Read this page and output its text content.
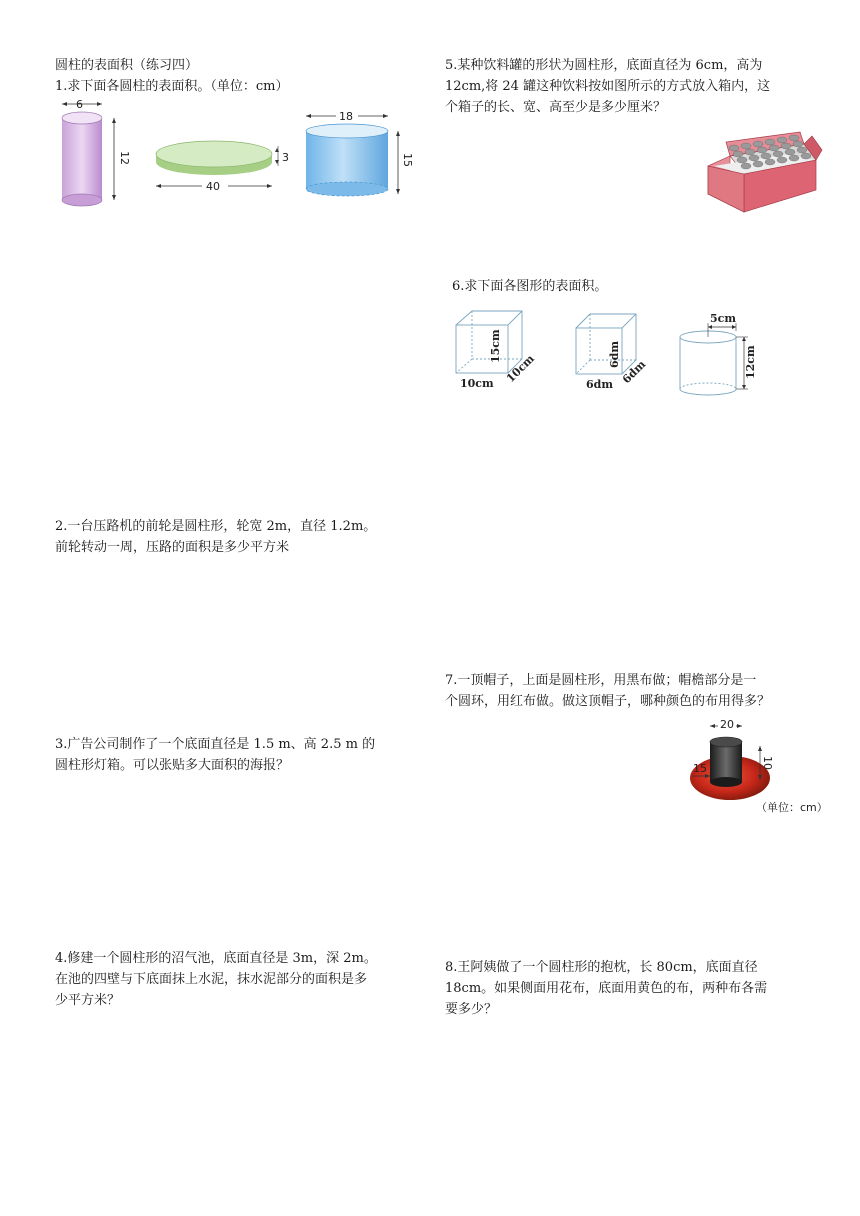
圆柱的表面积（练习四）
1.求下面各圆柱的表面积。（单位：cm）
6
12	3
40
18
15
2.一台压路机的前轮是圆柱形，轮宽 2m，直径 1.2m。
前轮转动一周，压路的面积是多少平方米
3.广告公司制作了一个底面直径是 1.5 m、高 2.5 m 的
圆柱形灯箱。可以张贴多大面积的海报？
4.修建一个圆柱形的沼气池，底面直径是 3m，深 2m。
在池的四壁与下底面抹上水泥，抹水泥部分的面积是多
少平方米？
5.某种饮料罐的形状为圆柱形，底面直径为 6cm，高为
12cm,将 24 罐这种饮料按如图所示的方式放入箱内，这
个箱子的长、宽、高至少是多少厘米？
6.求下面各图形的表面积。
10cm 10cm
15cm
6dm 6dm
6dm
5cm
12cm
7.一顶帽子，上面是圆柱形，用黑布做；帽檐部分是一
个圆环，用红布做。做这顶帽子，哪种颜色的布用得多？
20
10
15
（单位：cm）
8.王阿姨做了一个圆柱形的抱枕，长 80cm，底面直径
18cm。如果侧面用花布，底面用黄色的布，两种布各需
要多少？
